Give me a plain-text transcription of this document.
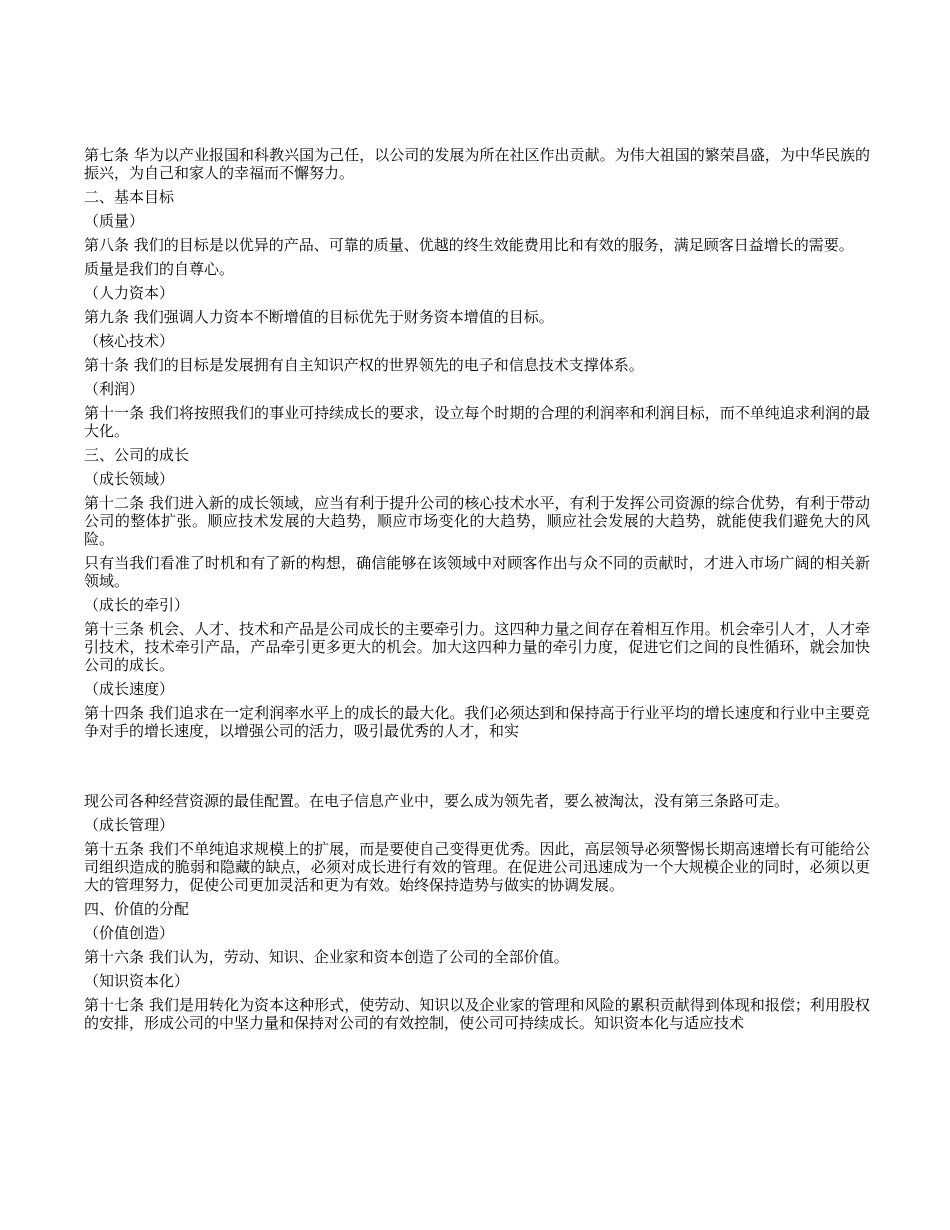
第七条 华为以产业报国和科教兴国为己任，以公司的发展为所在社区作出贡献。为伟大祖国的繁荣昌盛，为中华民族的振兴，为自己和家人的幸福而不懈努力。

二、基本目标

（质量）

第八条 我们的目标是以优异的产品、可靠的质量、优越的终生效能费用比和有效的服务，满足顾客日益增长的需要。

质量是我们的自尊心。

（人力资本）

第九条 我们强调人力资本不断增值的目标优先于财务资本增值的目标。

（核心技术）

第十条 我们的目标是发展拥有自主知识产权的世界领先的电子和信息技术支撑体系。

（利润）

第十一条 我们将按照我们的事业可持续成长的要求，设立每个时期的合理的利润率和利润目标，而不单纯追求利润的最大化。

三、公司的成长

（成长领域）

第十二条 我们进入新的成长领域，应当有利于提升公司的核心技术水平，有利于发挥公司资源的综合优势，有利于带动公司的整体扩张。顺应技术发展的大趋势，顺应市场变化的大趋势，顺应社会发展的大趋势，就能使我们避免大的风险。

只有当我们看准了时机和有了新的构想，确信能够在该领域中对顾客作出与众不同的贡献时，才进入市场广阔的相关新领域。

（成长的牵引）

第十三条 机会、人才、技术和产品是公司成长的主要牵引力。这四种力量之间存在着相互作用。机会牵引人才，人才牵引技术，技术牵引产品，产品牵引更多更大的机会。加大这四种力量的牵引力度，促进它们之间的良性循环，就会加快公司的成长。

（成长速度）

第十四条 我们追求在一定利润率水平上的成长的最大化。我们必须达到和保持高于行业平均的增长速度和行业中主要竞争对手的增长速度，以增强公司的活力，吸引最优秀的人才，和实

现公司各种经营资源的最佳配置。在电子信息产业中，要么成为领先者，要么被淘汰，没有第三条路可走。

（成长管理）

第十五条 我们不单纯追求规模上的扩展，而是要使自己变得更优秀。因此，高层领导必须警惕长期高速增长有可能给公司组织造成的脆弱和隐藏的缺点，必须对成长进行有效的管理。在促进公司迅速成为一个大规模企业的同时，必须以更大的管理努力，促使公司更加灵活和更为有效。始终保持造势与做实的协调发展。

四、价值的分配

（价值创造）

第十六条 我们认为，劳动、知识、企业家和资本创造了公司的全部价值。

（知识资本化）

第十七条 我们是用转化为资本这种形式，使劳动、知识以及企业家的管理和风险的累积贡献得到体现和报偿；利用股权的安排，形成公司的中坚力量和保持对公司的有效控制，使公司可持续成长。知识资本化与适应技术
